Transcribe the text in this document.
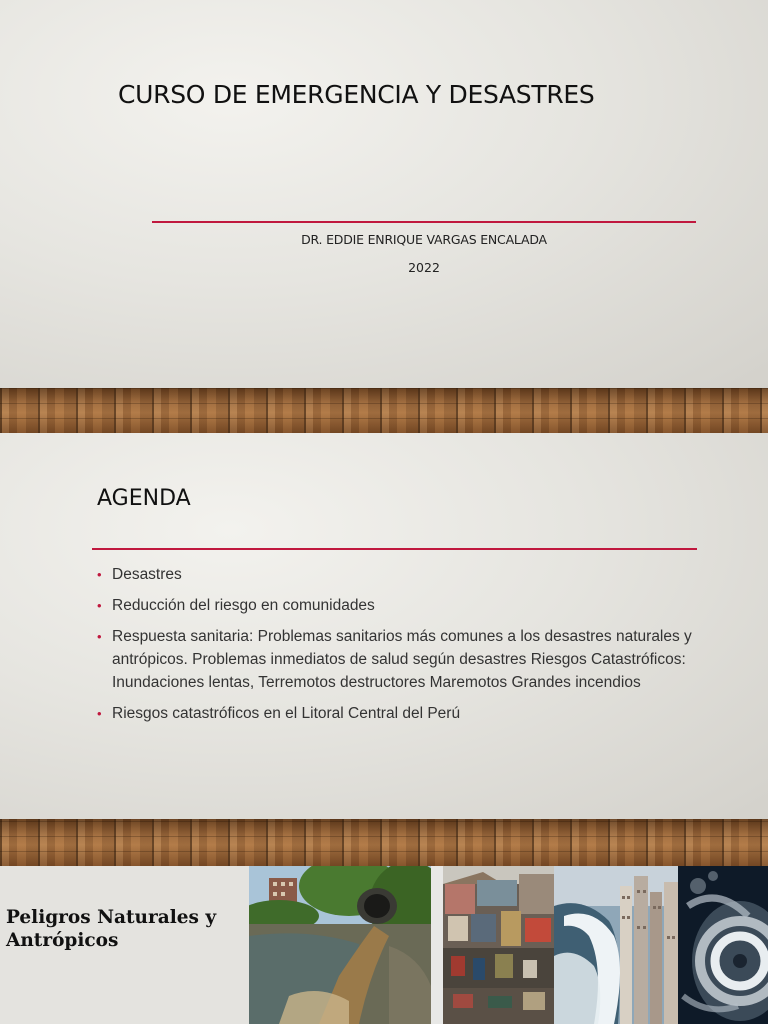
CURSO DE EMERGENCIA Y DESASTRES
DR. EDDIE ENRIQUE VARGAS ENCALADA
2022
AGENDA
• Desastres
• Reducción del riesgo en comunidades
• Respuesta sanitaria: Problemas sanitarios más comunes a los desastres naturales y antrópicos. Problemas inmediatos de salud según desastres Riesgos Catastróficos: Inundaciones lentas, Terremotos destructores Maremotos Grandes incendios
• Riesgos catastróficos en el Litoral Central del Perú
Peligros Naturales y Antrópicos
